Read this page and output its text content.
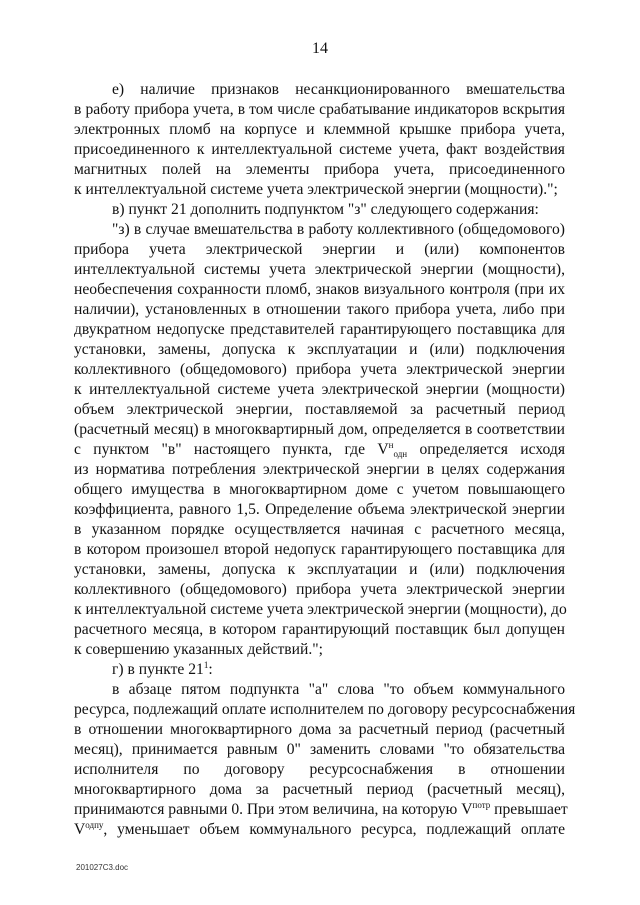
14
е) наличие признаков несанкционированного вмешательства
в работу прибора учета, в том числе срабатывание индикаторов вскрытия
электронных пломб на корпусе и клеммной крышке прибора учета,
присоединенного к интеллектуальной системе учета, факт воздействия
магнитных полей на элементы прибора учета, присоединенного
к интеллектуальной системе учета электрической энергии (мощности).";
в) пункт 21 дополнить подпунктом "з" следующего содержания:
"з) в случае вмешательства в работу коллективного (общедомового)
прибора учета электрической энергии и (или) компонентов
интеллектуальной системы учета электрической энергии (мощности),
необеспечения сохранности пломб, знаков визуального контроля (при их
наличии), установленных в отношении такого прибора учета, либо при
двукратном недопуске представителей гарантирующего поставщика для
установки, замены, допуска к эксплуатации и (или) подключения
коллективного (общедомового) прибора учета электрической энергии
к интеллектуальной системе учета электрической энергии (мощности)
объем электрической энергии, поставляемой за расчетный период
(расчетный месяц) в многоквартирный дом, определяется в соответствии
с пунктом "в" настоящего пункта, где $V^н_{одн}$ определяется исходя
из норматива потребления электрической энергии в целях содержания
общего имущества в многоквартирном доме с учетом повышающего
коэффициента, равного 1,5. Определение объема электрической энергии
в указанном порядке осуществляется начиная с расчетного месяца,
в котором произошел второй недопуск гарантирующего поставщика для
установки, замены, допуска к эксплуатации и (или) подключения
коллективного (общедомового) прибора учета электрической энергии
к интеллектуальной системе учета электрической энергии (мощности), до
расчетного месяца, в котором гарантирующий поставщик был допущен
к совершению указанных действий.";
г) в пункте $21^1$:
в абзаце пятом подпункта "а" слова "то объем коммунального
ресурса, подлежащий оплате исполнителем по договору ресурсоснабжения
в отношении многоквартирного дома за расчетный период (расчетный
месяц), принимается равным 0" заменить словами "то обязательства
исполнителя по договору ресурсоснабжения в отношении
многоквартирного дома за расчетный период (расчетный месяц),
принимаются равными 0. При этом величина, на которую $V^{потр}$ превышает
$V^{одпу}$, уменьшает объем коммунального ресурса, подлежащий оплате
201027C3.doc
